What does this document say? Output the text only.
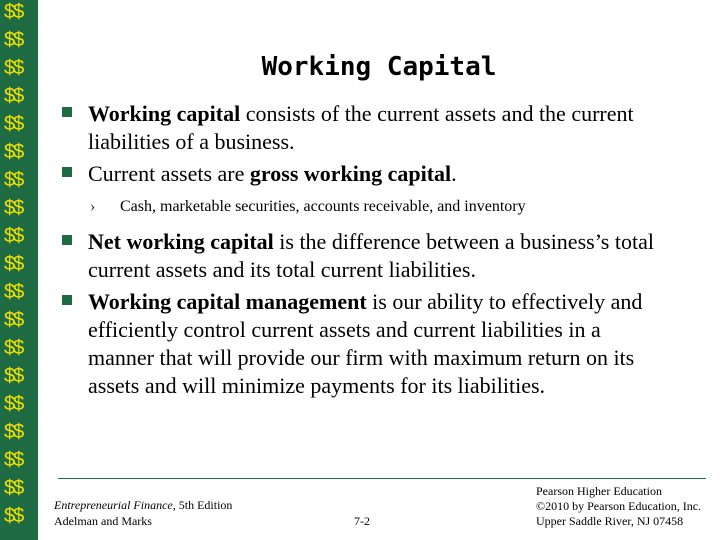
$$
$$
$$
$$
$$
$$
$$
$$
$$
$$
$$
$$
$$
$$
$$
$$
$$
$$
$$
Working Capital
Working capital consists of the current assets and the current liabilities of a business.
Current assets are gross working capital.
› Cash, marketable securities, accounts receivable, and inventory
Net working capital is the difference between a business’s total current assets and its total current liabilities.
Working capital management is our ability to effectively and efficiently control current assets and current liabilities in a manner that will provide our firm with maximum return on its assets and will minimize payments for its liabilities.
Entrepreneurial Finance, 5th Edition
Adelman and Marks	7-2
Pearson Higher Education
©2010 by Pearson Education, Inc.
Upper Saddle River, NJ 07458
